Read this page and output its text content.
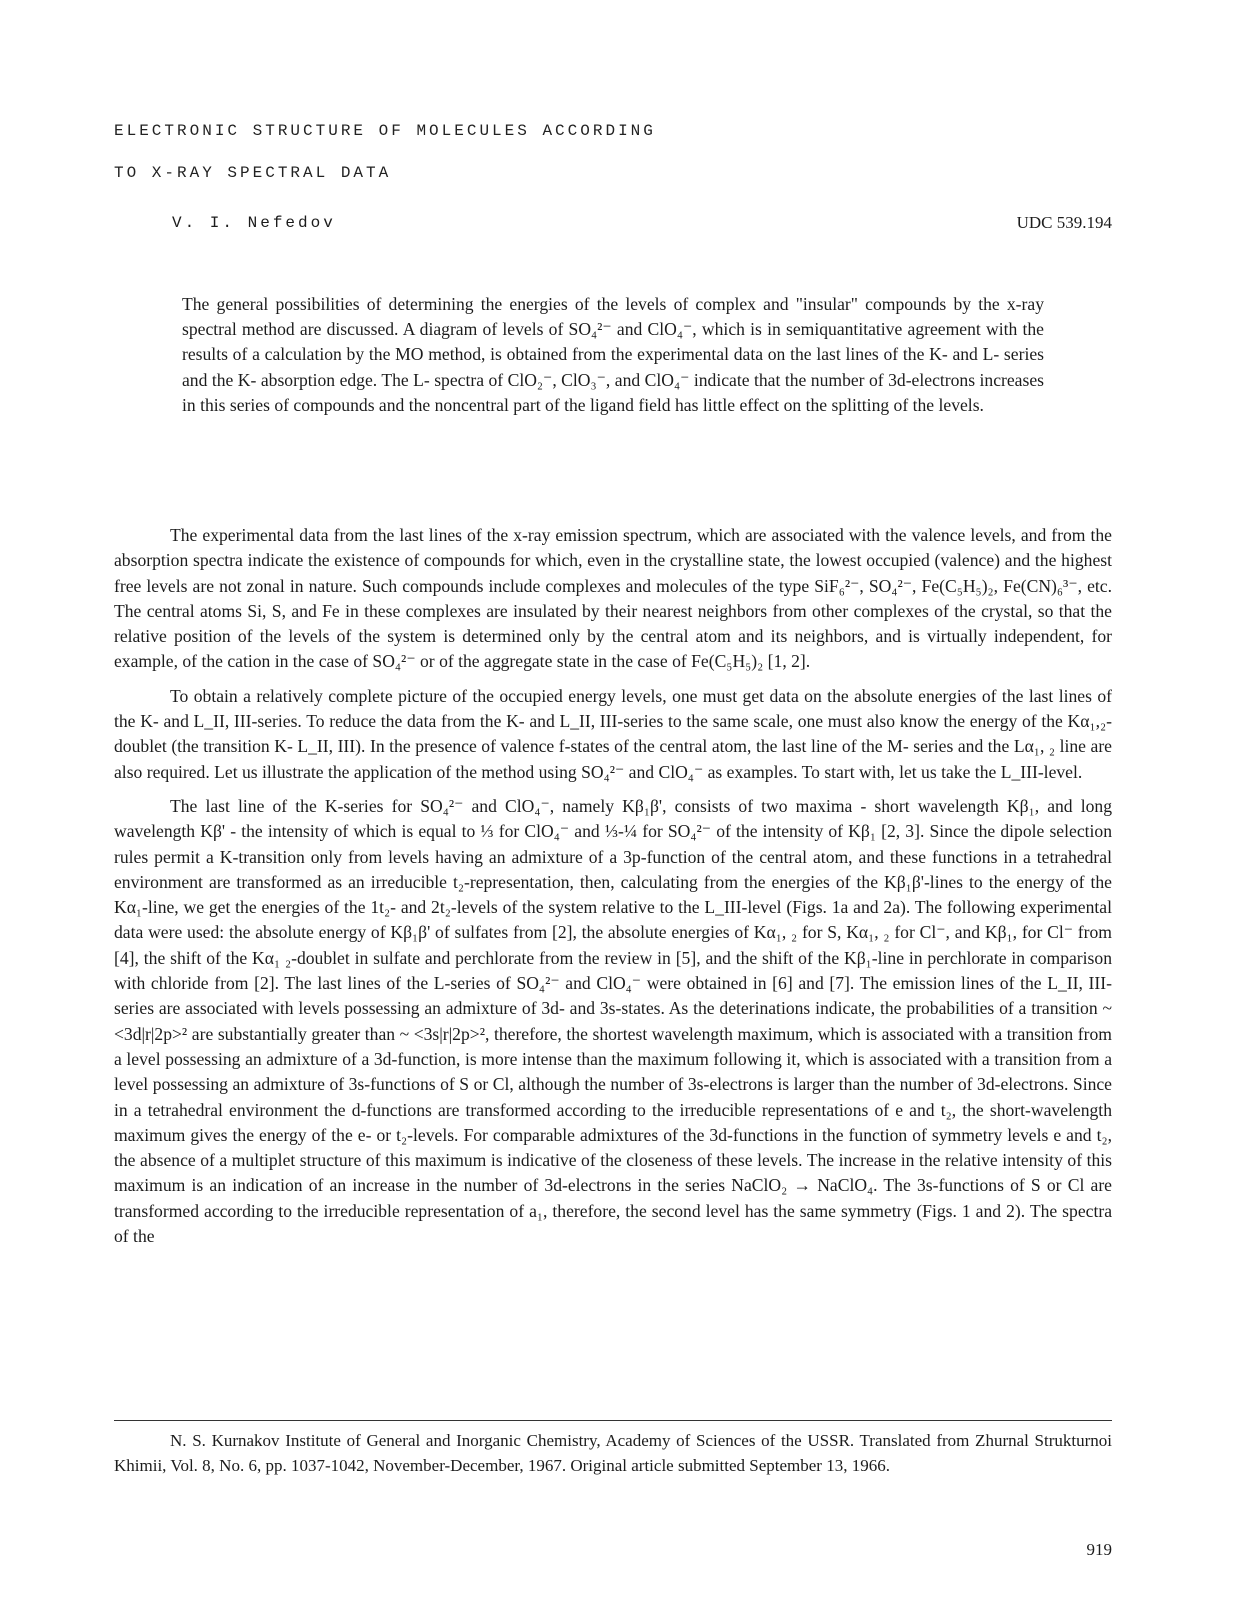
ELECTRONIC STRUCTURE OF MOLECULES ACCORDING
TO X-RAY SPECTRAL DATA
V. I. Nefedov	UDC 539.194
The general possibilities of determining the energies of the levels of complex and "insular" compounds by the x-ray spectral method are discussed. A diagram of levels of SO₄²⁻ and ClO₄⁻, which is in semiquantitative agreement with the results of a calculation by the MO method, is obtained from the experimental data on the last lines of the K- and L- series and the K- absorption edge. The L- spectra of ClO₂⁻, ClO₃⁻, and ClO₄⁻ indicate that the number of 3d-electrons increases in this series of compounds and the noncentral part of the ligand field has little effect on the splitting of the levels.

The experimental data from the last lines of the x-ray emission spectrum, which are associated with the valence levels, and from the absorption spectra indicate the existence of compounds for which, even in the crystalline state, the lowest occupied (valence) and the highest free levels are not zonal in nature. Such compounds include complexes and molecules of the type SiF₆²⁻, SO₄²⁻, Fe(C₅H₅)₂, Fe(CN)₆³⁻, etc. The central atoms Si, S, and Fe in these complexes are insulated by their nearest neighbors from other complexes of the crystal, so that the relative position of the levels of the system is determined only by the central atom and its neighbors, and is virtually independent, for example, of the cation in the case of SO₄²⁻ or of the aggregate state in the case of Fe(C₅H₅)₂ [1, 2].

To obtain a relatively complete picture of the occupied energy levels, one must get data on the absolute energies of the last lines of the K- and L_II, III-series. To reduce the data from the K- and L_II, III-series to the same scale, one must also know the energy of the Kα₁,₂-doublet (the transition K- L_II, III). In the presence of valence f-states of the central atom, the last line of the M- series and the Lα₁, ₂ line are also required. Let us illustrate the application of the method using SO₄²⁻ and ClO₄⁻ as examples. To start with, let us take the L_III-level.

The last line of the K-series for SO₄²⁻ and ClO₄⁻, namely Kβ₁β', consists of two maxima - short wavelength Kβ₁, and long wavelength Kβ' - the intensity of which is equal to ⅓ for ClO₄⁻ and ⅓-¼ for SO₄²⁻ of the intensity of Kβ₁ [2, 3]. Since the dipole selection rules permit a K-transition only from levels having an admixture of a 3p-function of the central atom, and these functions in a tetrahedral environment are transformed as an irreducible t₂-representation, then, calculating from the energies of the Kβ₁β'-lines to the energy of the Kα₁-line, we get the energies of the 1t₂- and 2t₂-levels of the system relative to the L_III-level (Figs. 1a and 2a). The following experimental data were used: the absolute energy of Kβ₁β' of sulfates from [2], the absolute energies of Kα₁, ₂ for S, Kα₁, ₂ for Cl⁻, and Kβ₁, for Cl⁻ from [4], the shift of the Kα₁ ₂-doublet in sulfate and perchlorate from the review in [5], and the shift of the Kβ₁-line in perchlorate in comparison with chloride from [2]. The last lines of the L-series of SO₄²⁻ and ClO₄⁻ were obtained in [6] and [7]. The emission lines of the L_II, III-series are associated with levels possessing an admixture of 3d- and 3s-states. As the deterinations indicate, the probabilities of a transition ~ <3d|r|2p>² are substantially greater than ~ <3s|r|2p>², therefore, the shortest wavelength maximum, which is associated with a transition from a level possessing an admixture of a 3d-function, is more intense than the maximum following it, which is associated with a transition from a level possessing an admixture of 3s-functions of S or Cl, although the number of 3s-electrons is larger than the number of 3d-electrons. Since in a tetrahedral environment the d-functions are transformed according to the irreducible representations of e and t₂, the short-wavelength maximum gives the energy of the e- or t₂-levels. For comparable admixtures of the 3d-functions in the function of symmetry levels e and t₂, the absence of a multiplet structure of this maximum is indicative of the closeness of these levels. The increase in the relative intensity of this maximum is an indication of an increase in the number of 3d-electrons in the series NaClO₂ → NaClO₄. The 3s-functions of S or Cl are transformed according to the irreducible representation of a₁, therefore, the second level has the same symmetry (Figs. 1 and 2). The spectra of the

N. S. Kurnakov Institute of General and Inorganic Chemistry, Academy of Sciences of the USSR. Translated from Zhurnal Strukturnoi Khimii, Vol. 8, No. 6, pp. 1037-1042, November-December, 1967. Original article submitted September 13, 1966.
919
